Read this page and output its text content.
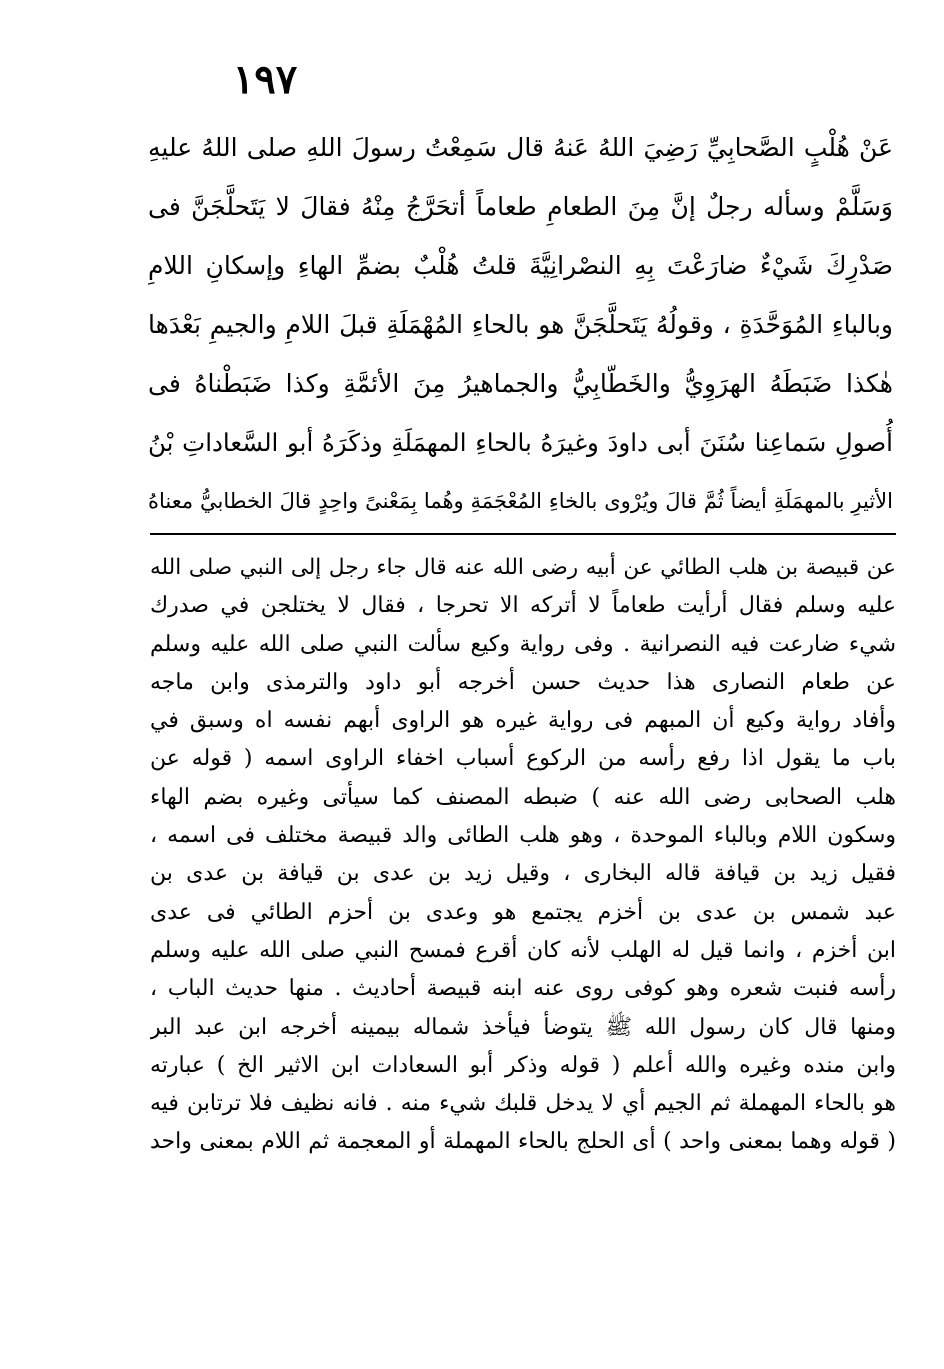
١٩٧
عَنْ هُلْبٍ الصَّحابِيِّ رَضِيَ اللهُ عَنهُ قال سَمِعْتُ رسولَ اللهِ صلى اللهُ عليهِ
وَسَلَّمْ وسأله رجلٌ إنَّ مِنَ الطعامِ طعاماً أتحَرَّجُ مِنْهُ فقالَ لا يَتَحلَّجَنَّ فى
صَدْرِكَ شَيْءٌ ضارَعْتَ بِهِ النصْرانِيَّةَ قلتُ هُلْبٌ بضمِّ الهاءِ وإسكانِ اللامِ
وبالباءِ المُوَحَّدَةِ ، وقولُهُ يَتَحلَّجَنَّ هو بالحاءِ المُهْمَلَةِ قبلَ اللامِ والجيمِ بَعْدَها
هٰكذا ضَبَطَهُ الهرَوِيُّ والخَطّابِيُّ والجماهيرُ مِنَ الأئمَّةِ وكذا ضَبَطْناهُ فى
أُصولِ سَماعِنا سُنَنَ أبى داودَ وغيرَهُ بالحاءِ المهمَلَةِ وذكَرَهُ أبو السَّعاداتِ بْنُ
الأثيرِ بالمهمَلَةِ أيضاً ثُمَّ قالَ ويُرْوى بالخاءِ المُعْجَمَةِ وهُما بِمَعْنىً واحِدٍ قالَ الخطابيُّ معناهُ
عن قبيصة بن هلب الطائي عن أبيه رضى الله عنه قال جاء رجل إلى النبي صلى الله
عليه وسلم فقال أرأيت طعاماً لا أتركه الا تحرجا ، فقال لا يختلجن في صدرك
شيء ضارعت فيه النصرانية . وفى رواية وكيع سألت النبي صلى الله عليه وسلم
عن طعام النصارى هذا حديث حسن أخرجه أبو داود والترمذى وابن ماجه
وأفاد رواية وكيع أن المبهم فى رواية غيره هو الراوى أبهم نفسه اه وسبق في
باب ما يقول اذا رفع رأسه من الركوع أسباب اخفاء الراوى اسمه ( قوله عن
هلب الصحابى رضى الله عنه ) ضبطه المصنف كما سيأتى وغيره بضم الهاء
وسكون اللام وبالباء الموحدة ، وهو هلب الطائى والد قبيصة مختلف فى اسمه ،
فقيل زيد بن قيافة قاله البخارى ، وقيل زيد بن عدى بن قيافة بن عدى بن
عبد شمس بن عدى بن أخزم يجتمع هو وعدى بن أحزم الطائي فى عدى
ابن أخزم ، وانما قيل له الهلب لأنه كان أقرع فمسح النبي صلى الله عليه وسلم
رأسه فنبت شعره وهو كوفى روى عنه ابنه قبيصة أحاديث . منها حديث الباب ،
ومنها قال كان رسول الله ﷺ يتوضأ فيأخذ شماله بيمينه أخرجه ابن عبد البر
وابن منده وغيره والله أعلم ( قوله وذكر أبو السعادات ابن الاثير الخ ) عبارته
هو بالحاء المهملة ثم الجيم أي لا يدخل قلبك شيء منه . فانه نظيف فلا ترتابن فيه
( قوله وهما بمعنى واحد ) أى الحلج بالحاء المهملة أو المعجمة ثم اللام بمعنى واحد
